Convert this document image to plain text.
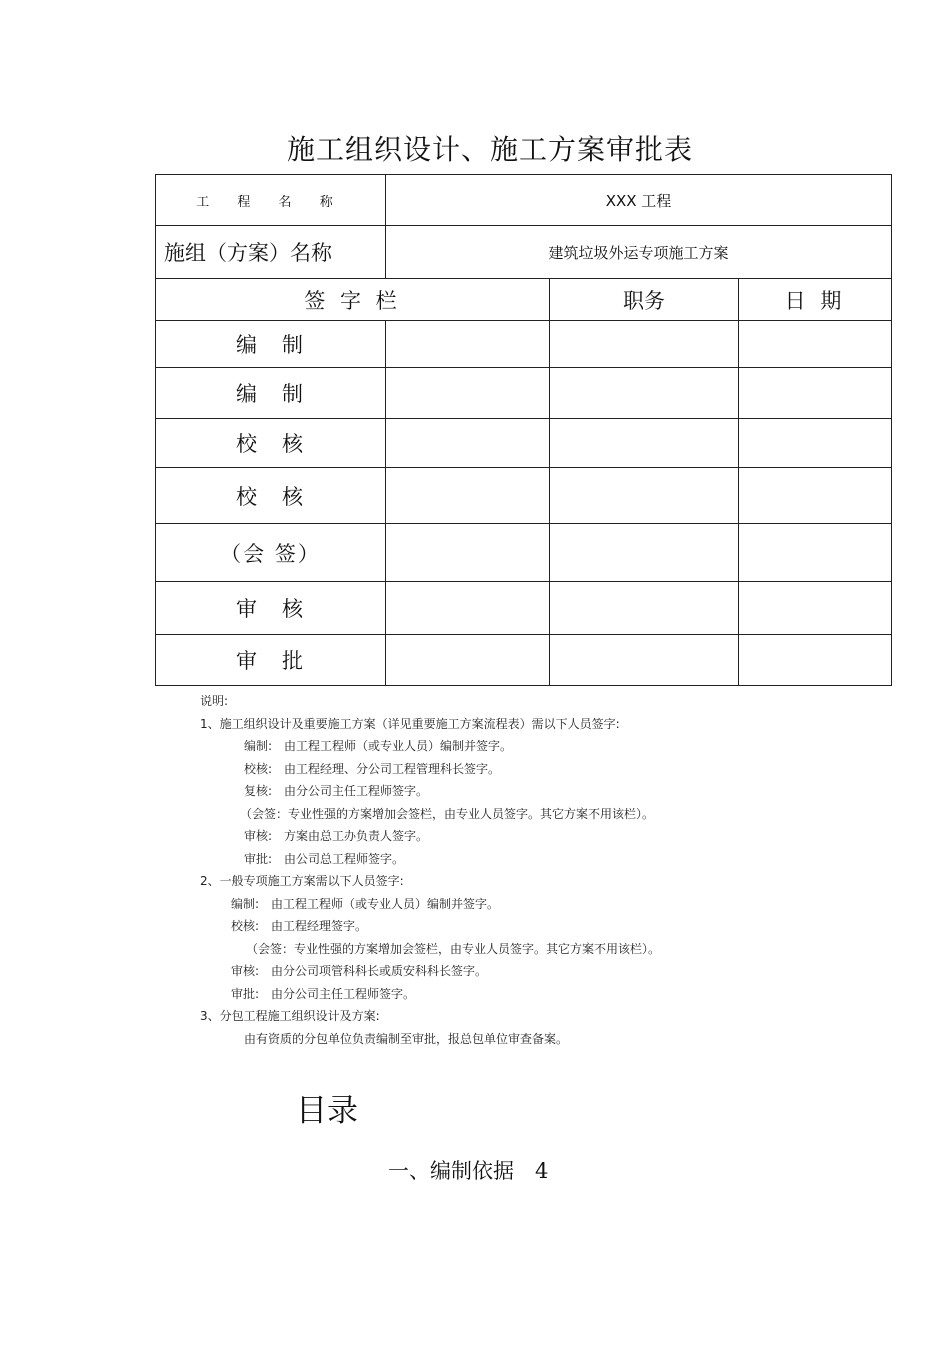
施工组织设计、施工方案审批表
工 程 名 称	XXX 工程		
施组（方案）名称	建筑垃圾外运专项施工方案		
签 字 栏		职务	日 期
编　制			
编　制			
校　核			
校　核			
（会 签）			
审　核			
审　批			
说明:
1、施工组织设计及重要施工方案（详见重要施工方案流程表）需以下人员签字:
编制:　由工程工程师（或专业人员）编制并签字。
校核:　由工程经理、分公司工程管理科长签字。
复核:　由分公司主任工程师签字。
（会签：专业性强的方案增加会签栏，由专业人员签字。其它方案不用该栏）。
审核:　方案由总工办负责人签字。
审批:　由公司总工程师签字。
2、一般专项施工方案需以下人员签字:
编制:　由工程工程师（或专业人员）编制并签字。
校核:　由工程经理签字。
（会签：专业性强的方案增加会签栏，由专业人员签字。其它方案不用该栏）。
审核:　由分公司项管科科长或质安科科长签字。
审批:　由分公司主任工程师签字。
3、分包工程施工组织设计及方案:
由有资质的分包单位负责编制至审批，报总包单位审查备案。
目录
一、编制依据　4
